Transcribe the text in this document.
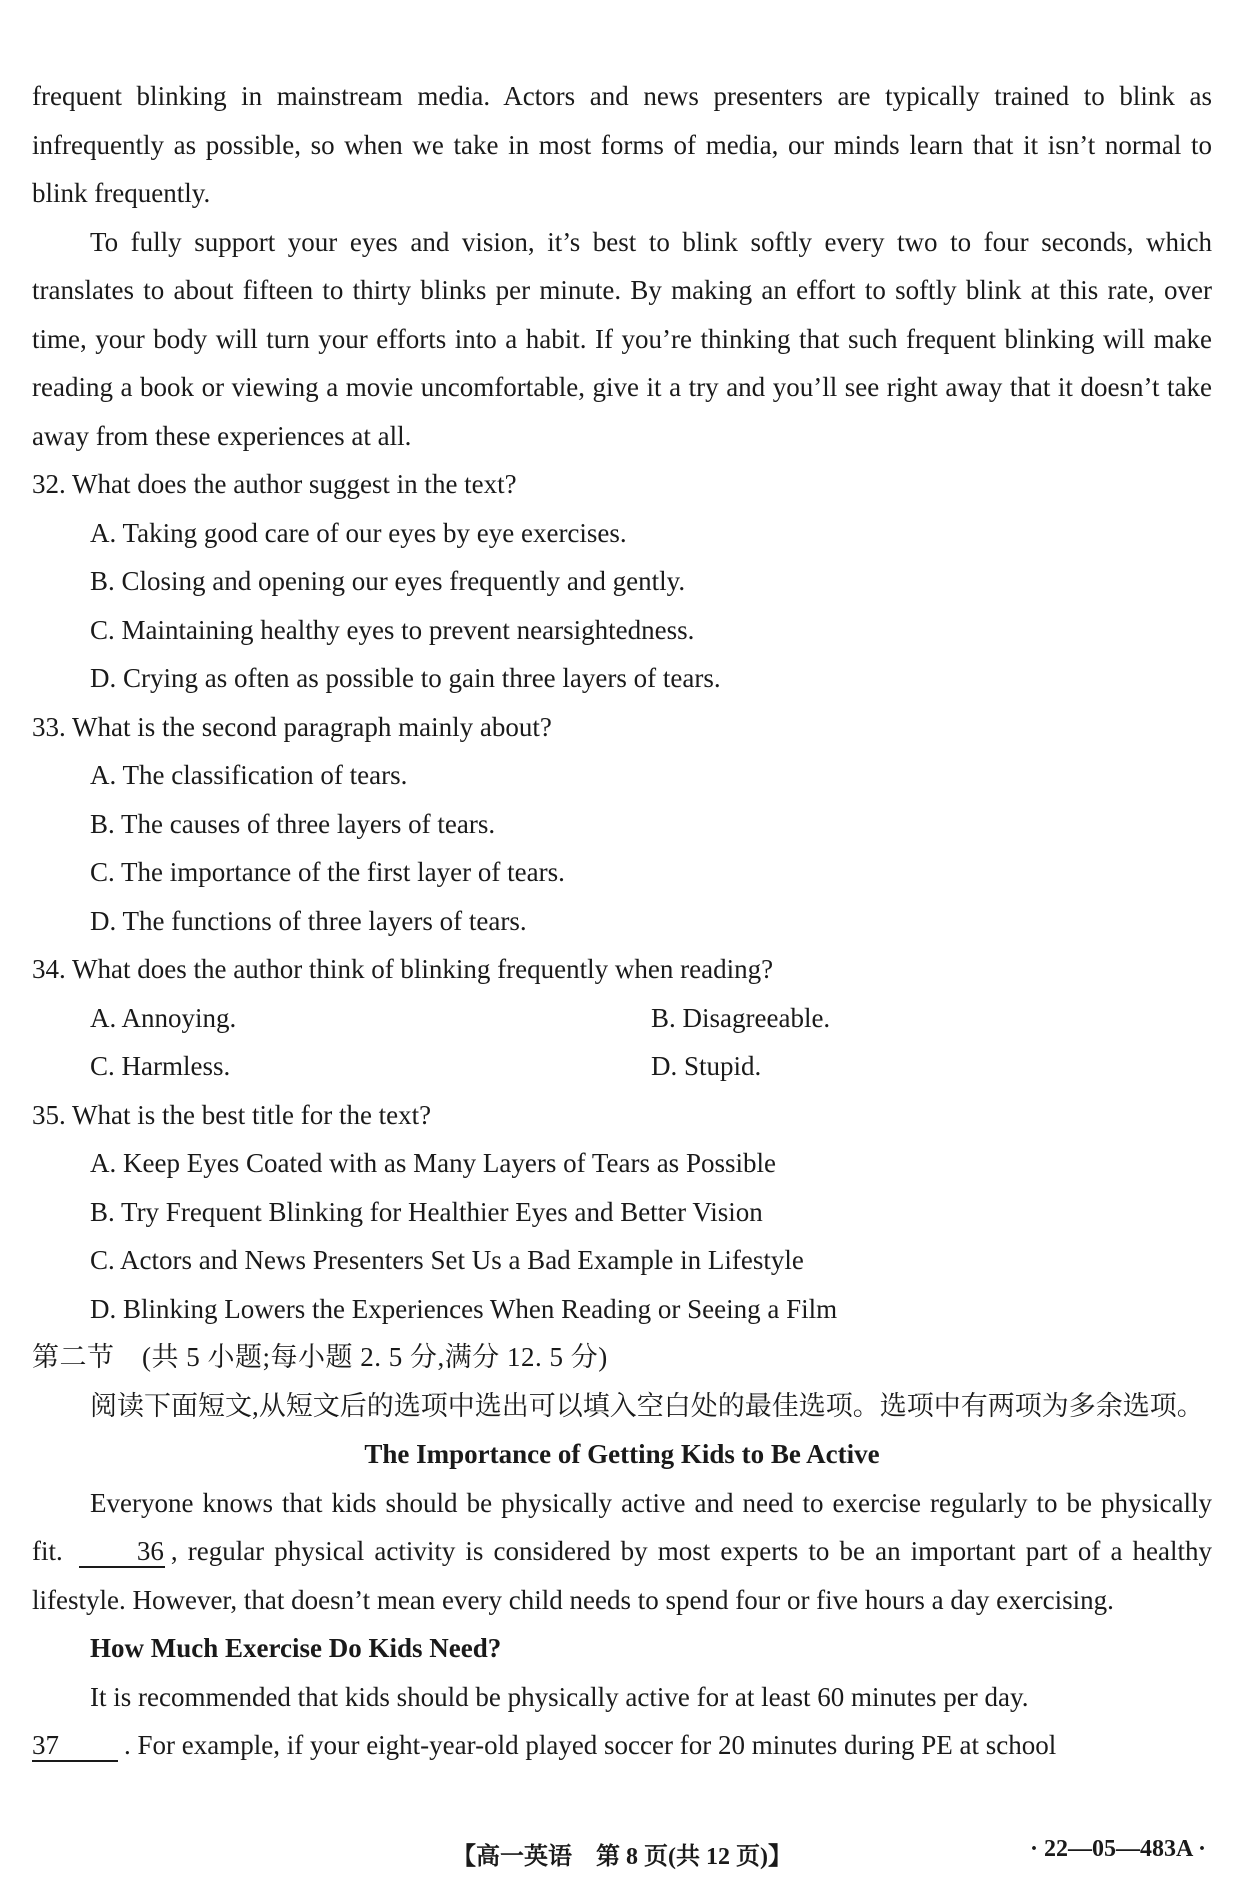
frequent blinking in mainstream media. Actors and news presenters are typically trained to blink as infrequently as possible, so when we take in most forms of media, our minds learn that it isn’t normal to blink frequently.

To fully support your eyes and vision, it’s best to blink softly every two to four seconds, which translates to about fifteen to thirty blinks per minute. By making an effort to softly blink at this rate, over time, your body will turn your efforts into a habit. If you’re thinking that such frequent blinking will make reading a book or viewing a movie uncomfortable, give it a try and you’ll see right away that it doesn’t take away from these experiences at all.

32. What does the author suggest in the text?

A. Taking good care of our eyes by eye exercises.

B. Closing and opening our eyes frequently and gently.

C. Maintaining healthy eyes to prevent nearsightedness.

D. Crying as often as possible to gain three layers of tears.

33. What is the second paragraph mainly about?

A. The classification of tears.

B. The causes of three layers of tears.

C. The importance of the first layer of tears.

D. The functions of three layers of tears.

34. What does the author think of blinking frequently when reading?

A. Annoying.	B. Disagreeable.
C. Harmless.	D. Stupid.

35. What is the best title for the text?

A. Keep Eyes Coated with as Many Layers of Tears as Possible

B. Try Frequent Blinking for Healthier Eyes and Better Vision

C. Actors and News Presenters Set Us a Bad Example in Lifestyle

D. Blinking Lowers the Experiences When Reading or Seeing a Film

第二节　(共 5 小题;每小题 2. 5 分,满分 12. 5 分)

阅读下面短文,从短文后的选项中选出可以填入空白处的最佳选项。选项中有两项为多余选项。

The Importance of Getting Kids to Be Active

Everyone knows that kids should be physically active and need to exercise regularly to be physically fit.	36 , regular physical activity is considered by most experts to be an important part of a healthy lifestyle. However, that doesn’t mean every child needs to spend four or five hours a day exercising.

How Much Exercise Do Kids Need?

It is recommended that kids should be physically active for at least 60 minutes per day.

37 . For example, if your eight-year-old played soccer for 20 minutes during PE at school

【高一英语　第 8 页(共 12 页)】	· 22—05—483A ·
